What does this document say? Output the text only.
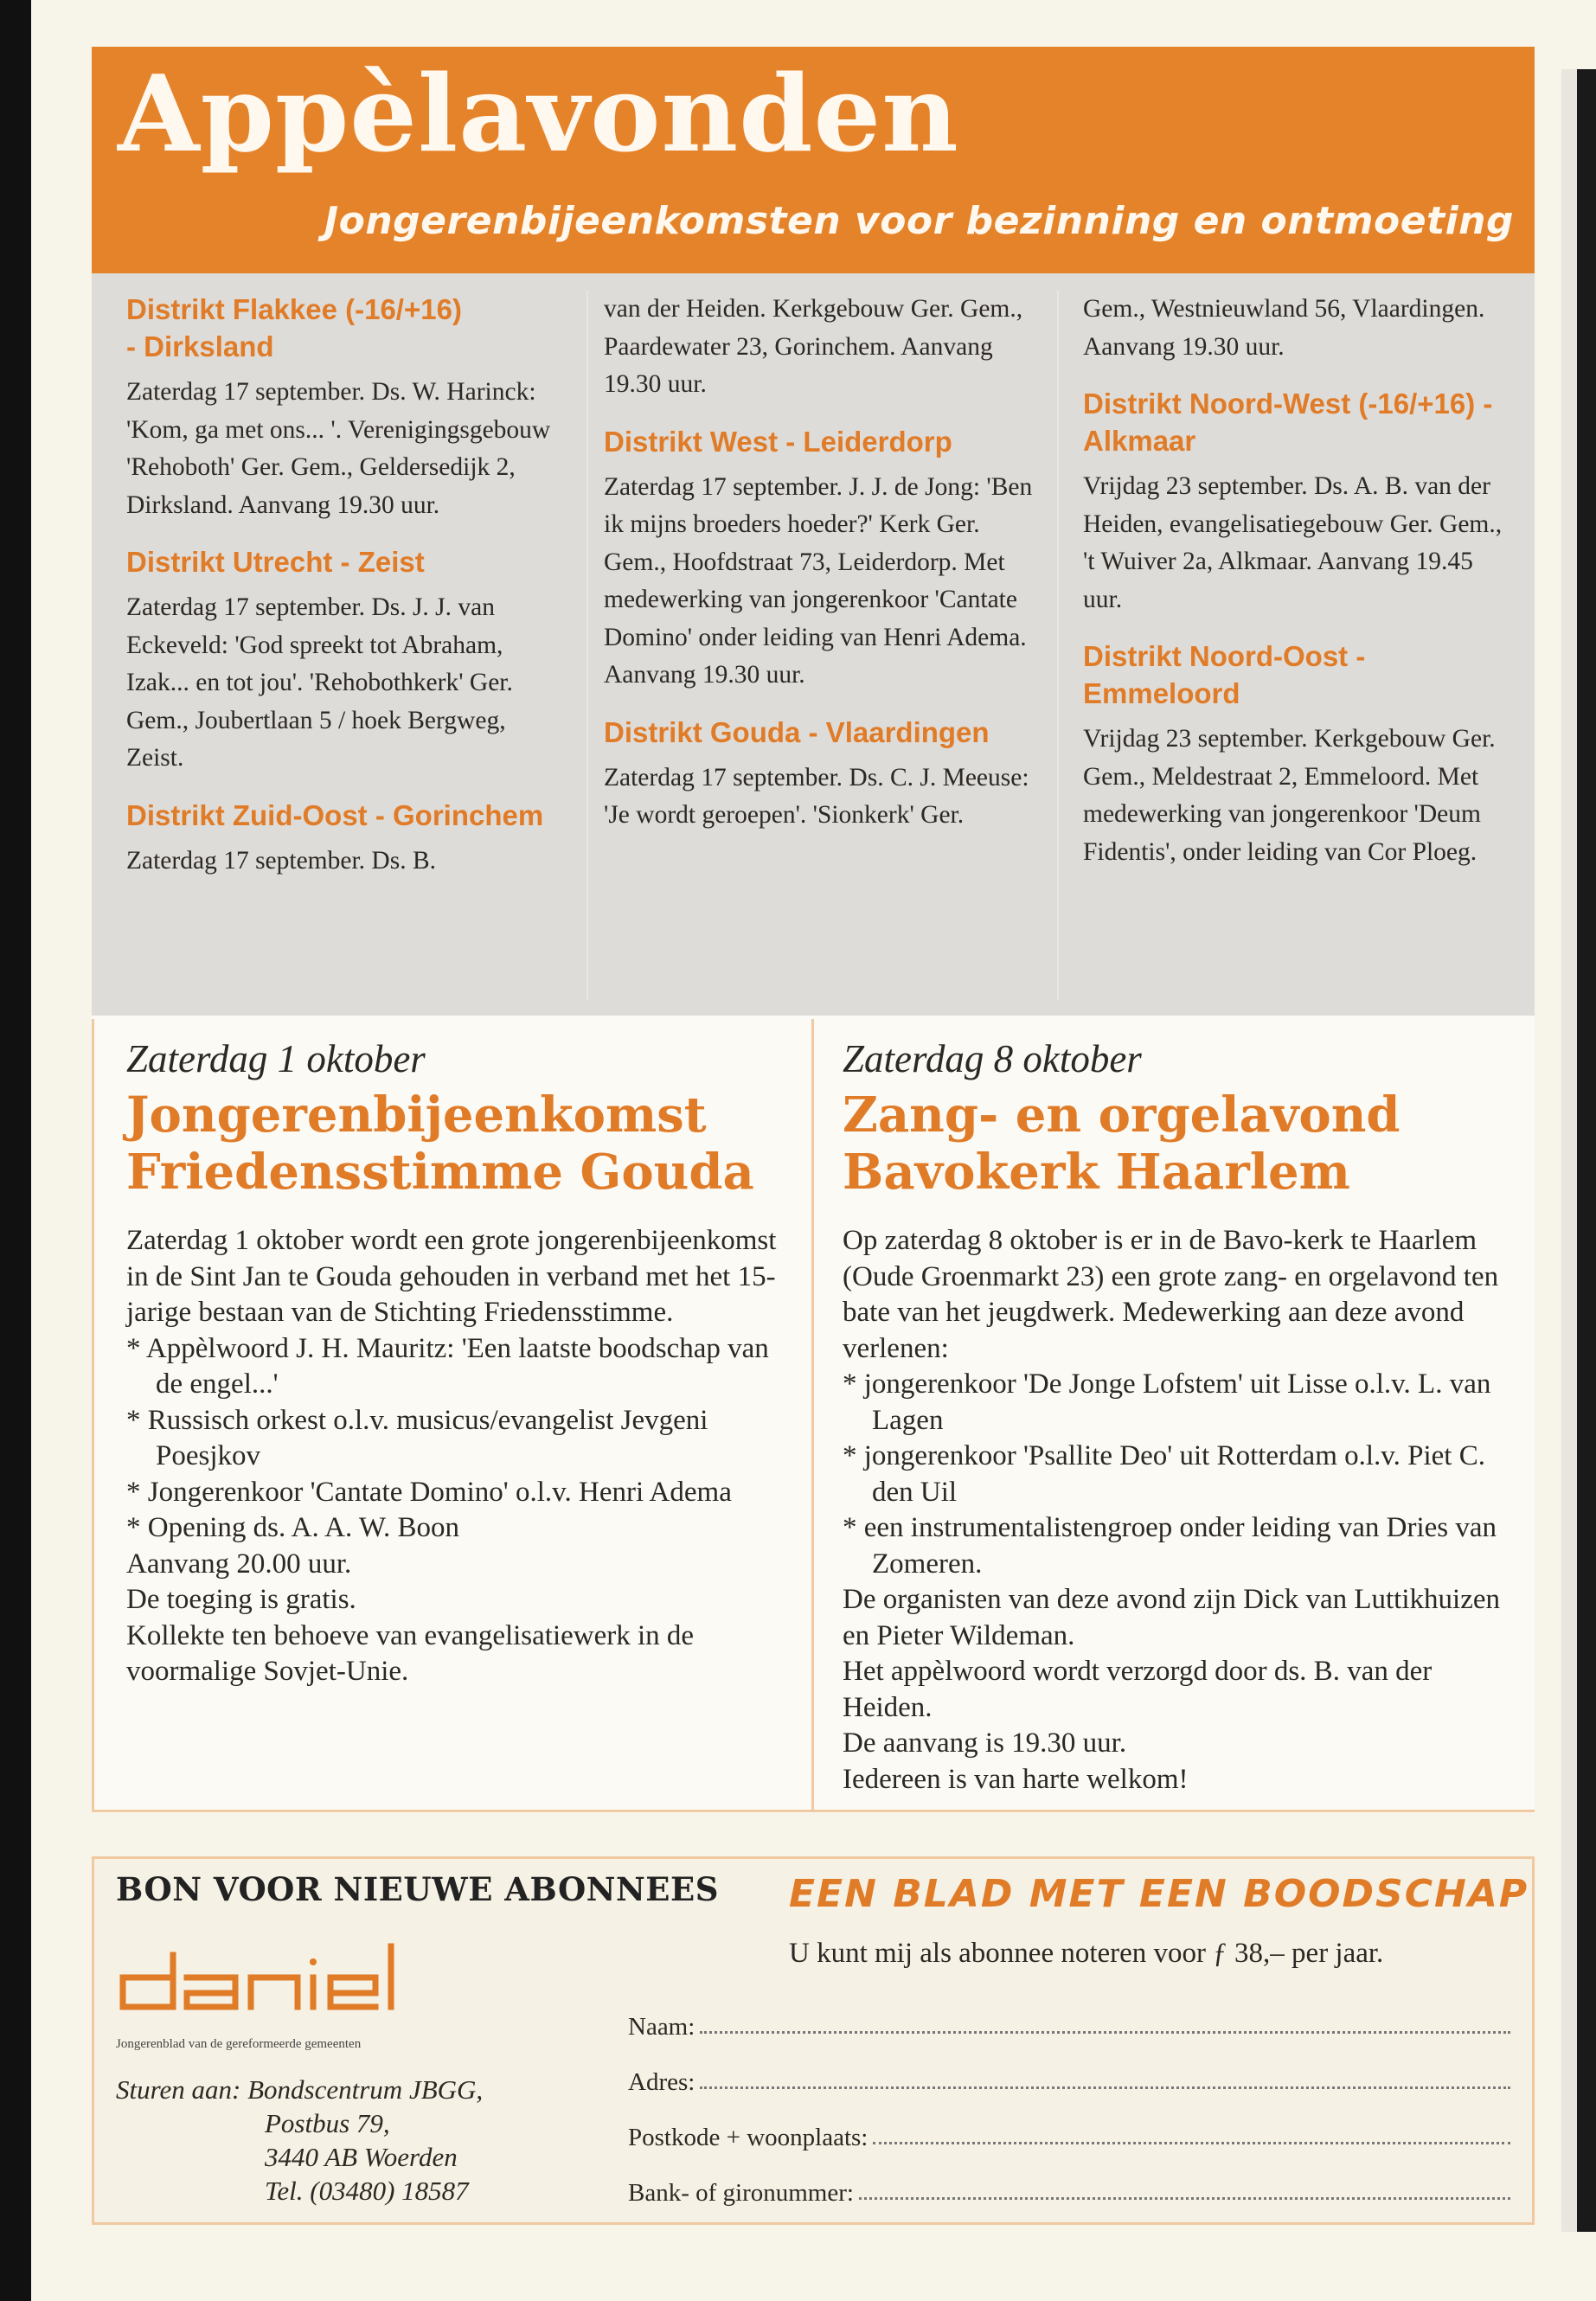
Appèlavonden
Jongerenbijeenkomsten voor bezinning en ontmoeting
Distrikt Flakkee (-16/+16)
- Dirksland

Zaterdag 17 september. Ds. W. Harinck: 'Kom, ga met ons... '. Verenigingsgebouw 'Rehoboth' Ger. Gem., Geldersedijk 2, Dirksland. Aanvang 19.30 uur.

Distrikt Utrecht - Zeist

Zaterdag 17 september. Ds. J. J. van Eckeveld: 'God spreekt tot Abraham, Izak... en tot jou'. 'Rehobothkerk' Ger. Gem., Joubertlaan 5 / hoek Bergweg, Zeist.

Distrikt Zuid-Oost - Gorinchem

Zaterdag 17 september. Ds. B.

van der Heiden. Kerkgebouw Ger. Gem., Paardewater 23, Gorinchem. Aanvang 19.30 uur.

Distrikt West - Leiderdorp

Zaterdag 17 september. J. J. de Jong: 'Ben ik mijns broeders hoeder?' Kerk Ger. Gem., Hoofdstraat 73, Leiderdorp. Met medewerking van jongerenkoor 'Cantate Domino' onder leiding van Henri Adema. Aanvang 19.30 uur.

Distrikt Gouda - Vlaardingen

Zaterdag 17 september. Ds. C. J. Meeuse: 'Je wordt geroepen'. 'Sionkerk' Ger.

Gem., Westnieuwland 56, Vlaardingen. Aanvang 19.30 uur.

Distrikt Noord-West (-16/+16) - Alkmaar

Vrijdag 23 september. Ds. A. B. van der Heiden, evangelisatiegebouw Ger. Gem., 't Wuiver 2a, Alkmaar. Aanvang 19.45 uur.

Distrikt Noord-Oost - Emmeloord

Vrijdag 23 september. Kerkgebouw Ger. Gem., Meldestraat 2, Emmeloord. Met medewerking van jongerenkoor 'Deum Fidentis', onder leiding van Cor Ploeg.

Zaterdag 1 oktober

Jongerenbijeenkomst Friedensstimme Gouda

Zaterdag 1 oktober wordt een grote jongerenbijeenkomst in de Sint Jan te Gouda gehouden in verband met het 15-jarige bestaan van de Stichting Friedensstimme.

* Appèlwoord J. H. Mauritz: 'Een laatste boodschap van de engel...'

* Russisch orkest o.l.v. musicus/evangelist Jevgeni Poesjkov

* Jongerenkoor 'Cantate Domino' o.l.v. Henri Adema

* Opening ds. A. A. W. Boon

Aanvang 20.00 uur.

De toeging is gratis.

Kollekte ten behoeve van evangelisatiewerk in de voormalige Sovjet-Unie.

Zaterdag 8 oktober

Zang- en orgelavond Bavokerk Haarlem

Op zaterdag 8 oktober is er in de Bavo-kerk te Haarlem (Oude Groenmarkt 23) een grote zang- en orgelavond ten bate van het jeugdwerk. Medewerking aan deze avond verlenen:

* jongerenkoor 'De Jonge Lofstem' uit Lisse o.l.v. L. van Lagen

* jongerenkoor 'Psallite Deo' uit Rotterdam o.l.v. Piet C. den Uil

* een instrumentalistengroep onder leiding van Dries van Zomeren.

De organisten van deze avond zijn Dick van Luttikhuizen en Pieter Wildeman.

Het appèlwoord wordt verzorgd door ds. B. van der Heiden.

De aanvang is 19.30 uur.

Iedereen is van harte welkom!

BON VOOR NIEUWE ABONNEES
Jongerenblad van de gereformeerde gemeenten

Sturen aan: Bondscentrum JBGG,

Postbus 79,

3440 AB Woerden

Tel. (03480) 18587

EEN BLAD MET EEN BOODSCHAP
U kunt mij als abonnee noteren voor ƒ 38,– per jaar.
Naam:
Adres:
Postkode + woonplaats:
Bank- of gironummer:
